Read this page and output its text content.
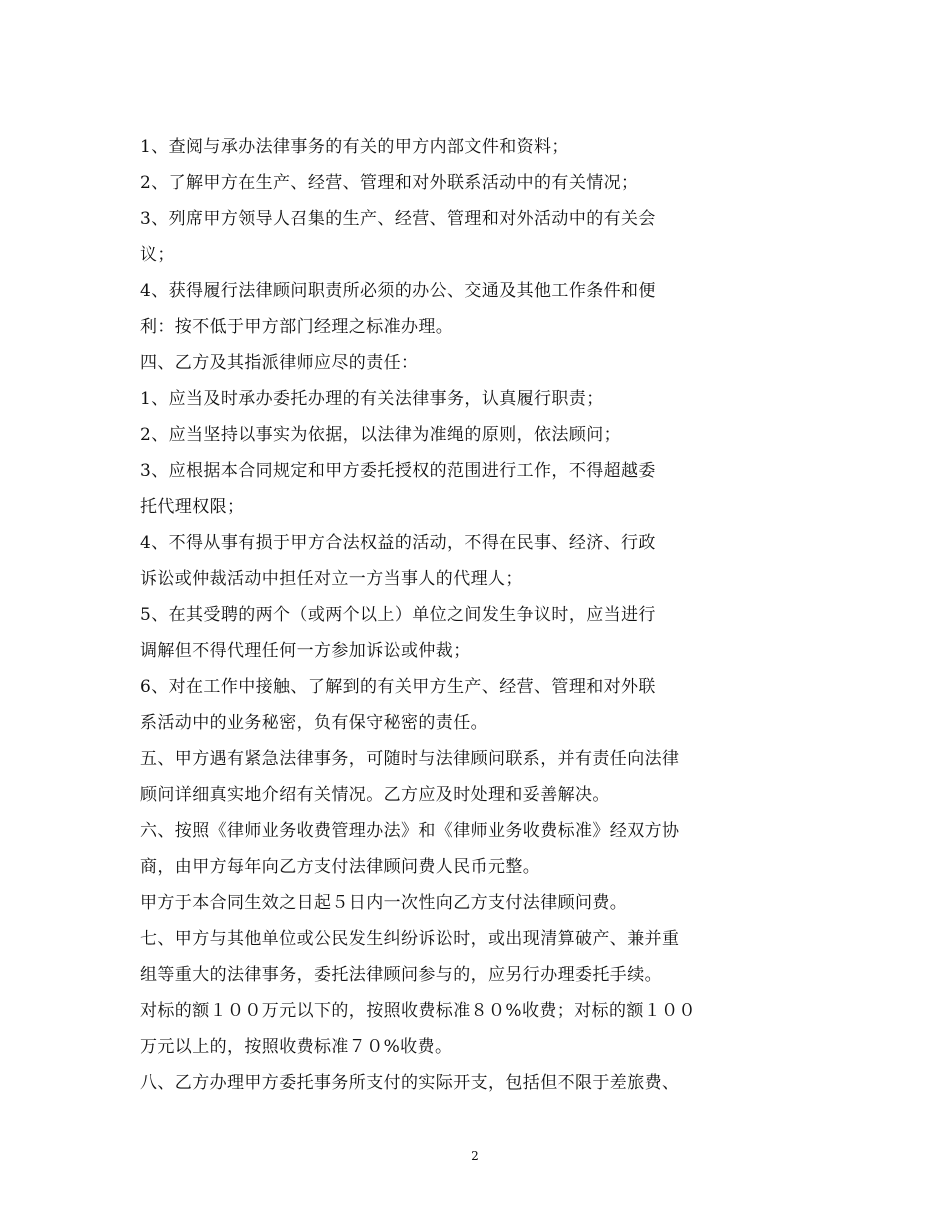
1、查阅与承办法律事务的有关的甲方内部文件和资料；
2、了解甲方在生产、经营、管理和对外联系活动中的有关情况；
3、列席甲方领导人召集的生产、经营、管理和对外活动中的有关会
议；
4、获得履行法律顾问职责所必须的办公、交通及其他工作条件和便
利：按不低于甲方部门经理之标准办理。
四、乙方及其指派律师应尽的责任：
1、应当及时承办委托办理的有关法律事务，认真履行职责；
2、应当坚持以事实为依据，以法律为准绳的原则，依法顾问；
3、应根据本合同规定和甲方委托授权的范围进行工作，不得超越委
托代理权限；
4、不得从事有损于甲方合法权益的活动，不得在民事、经济、行政
诉讼或仲裁活动中担任对立一方当事人的代理人；
5、在其受聘的两个（或两个以上）单位之间发生争议时，应当进行
调解但不得代理任何一方参加诉讼或仲裁；
6、对在工作中接触、了解到的有关甲方生产、经营、管理和对外联
系活动中的业务秘密，负有保守秘密的责任。
五、甲方遇有紧急法律事务，可随时与法律顾问联系，并有责任向法律
顾问详细真实地介绍有关情况。乙方应及时处理和妥善解决。
六、按照《律师业务收费管理办法》和《律师业务收费标准》经双方协
商，由甲方每年向乙方支付法律顾问费人民币元整。
甲方于本合同生效之日起５日内一次性向乙方支付法律顾问费。
七、甲方与其他单位或公民发生纠纷诉讼时，或出现清算破产、兼并重
组等重大的法律事务，委托法律顾问参与的，应另行办理委托手续。
对标的额１００万元以下的，按照收费标准８０%收费；对标的额１００
万元以上的，按照收费标准７０%收费。
八、乙方办理甲方委托事务所支付的实际开支，包括但不限于差旅费、
2
